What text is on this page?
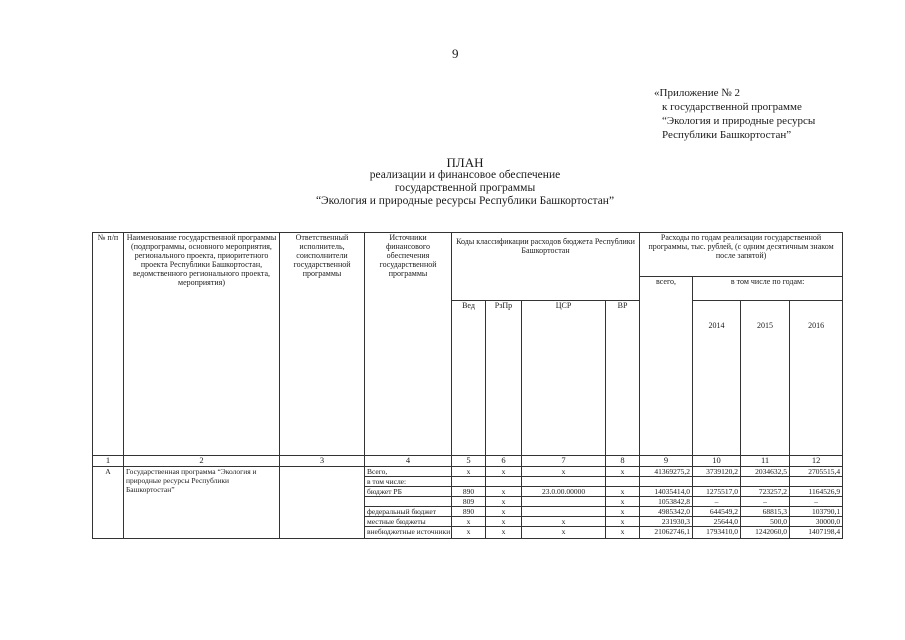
9
«Приложение № 2
к государственной программе
“Экология и природные ресурсы
Республики Башкортостан”
ПЛАН
реализации и финансовое обеспечение
государственной программы
“Экология и природные ресурсы Республики Башкортостан”
№ п/п	Наименование государственной программы (подпрограммы, основного мероприятия, регионального проекта, приоритетного проекта Республики Башкортостан, ведомственного регионального проекта, мероприятия)	Ответственный исполнитель, соисполнители государственной программы	Источники финансового обеспечения государственной программы	Коды классификации расходов бюджета Республики Башкортостан				Расходы по годам реализации государственной программы, тыс. рублей, (с одним десятичным знаком после запятой)			
								всего,	в том числе по годам:		
				Вед	РзПр	ЦСР	ВР		2014	2015	2016
1	2	3	4	5	6	7	8	9	10	11	12
А	Государственная программа “Экология и природные ресурсы Республики Башкортостан”		Всего,	х	х	х	х	41369275,2	3739120,2	2034632,5	2705515,4
			в том числе:								
			бюджет РБ	890	х	23.0.00.00000	х	14035414,0	1275517,0	723257,2	1164526,9
				809	х		х	1053842,8	–	–	–
			федеральный бюджет	890	х		х	4985342,0	644549,2	68815,3	103790,1
			местные бюджеты	х	х	х	х	231930,3	25644,0	500,0	30000,0
			внебюджетные источники	х	х	х	х	21062746,1	1793410,0	1242060,0	1407198,4
